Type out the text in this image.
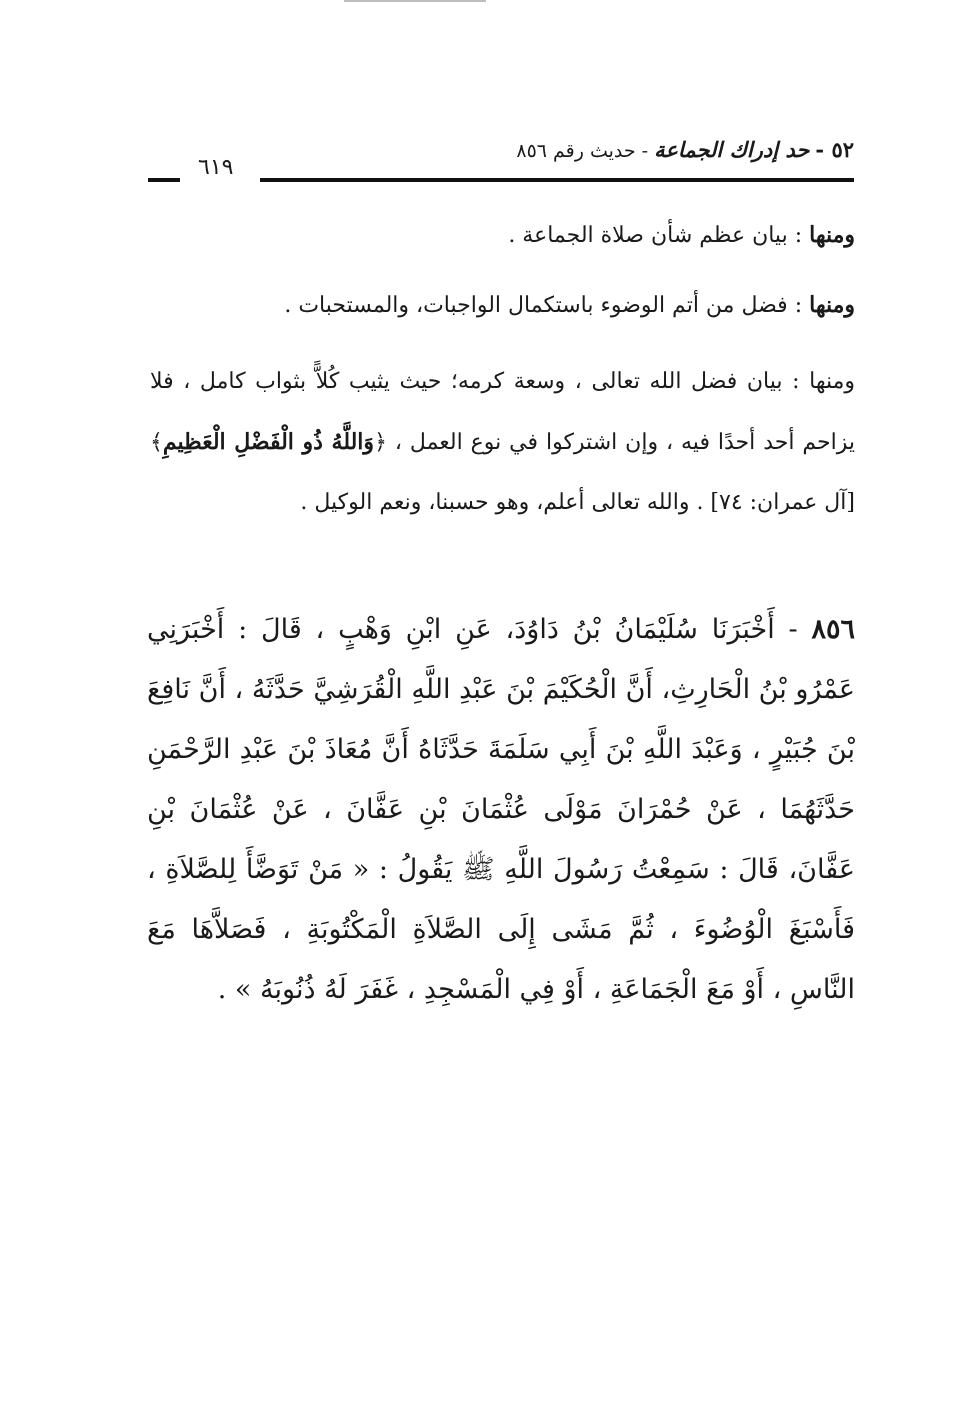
٦١٩
٥٢ - حد إدراك الجماعة - حديث رقم ٨٥٦
ومنها : بيان عظم شأن صلاة الجماعة .
ومنها : فضل من أتم الوضوء باستكمال الواجبات، والمستحبات .
ومنها : بيان فضل الله تعالى ، وسعة كرمه؛ حيث يثيب كُلاًّ بثواب كامل ، فلا يزاحم أحد أحدًا فيه ، وإن اشتركوا في نوع العمل ، ﴿وَاللَّهُ ذُو الْفَضْلِ الْعَظِيمِ﴾ [آل عمران: ٧٤] . والله تعالى أعلم، وهو حسبنا، ونعم الوكيل .
٨٥٦ - أَخْبَرَنَا سُلَيْمَانُ بْنُ دَاوُدَ، عَنِ ابْنِ وَهْبٍ ، قَالَ : أَخْبَرَنِي عَمْرُو بْنُ الْحَارِثِ، أَنَّ الْحُكَيْمَ بْنَ عَبْدِ اللَّهِ الْقُرَشِيَّ حَدَّثَهُ ، أَنَّ نَافِعَ بْنَ جُبَيْرٍ ، وَعَبْدَ اللَّهِ بْنَ أَبِي سَلَمَةَ حَدَّثَاهُ أَنَّ مُعَاذَ بْنَ عَبْدِ الرَّحْمَنِ حَدَّثَهُمَا ، عَنْ حُمْرَانَ مَوْلَى عُثْمَانَ بْنِ عَفَّانَ ، عَنْ عُثْمَانَ بْنِ عَفَّانَ، قَالَ : سَمِعْتُ رَسُولَ اللَّهِ ﷺ يَقُولُ : « مَنْ تَوَضَّأَ لِلصَّلاَةِ ، فَأَسْبَغَ الْوُضُوءَ ، ثُمَّ مَشَى إِلَى الصَّلاَةِ الْمَكْتُوبَةِ ، فَصَلاَّهَا مَعَ النَّاسِ ، أَوْ مَعَ الْجَمَاعَةِ ، أَوْ فِي الْمَسْجِدِ ، غَفَرَ لَهُ ذُنُوبَهُ » .
